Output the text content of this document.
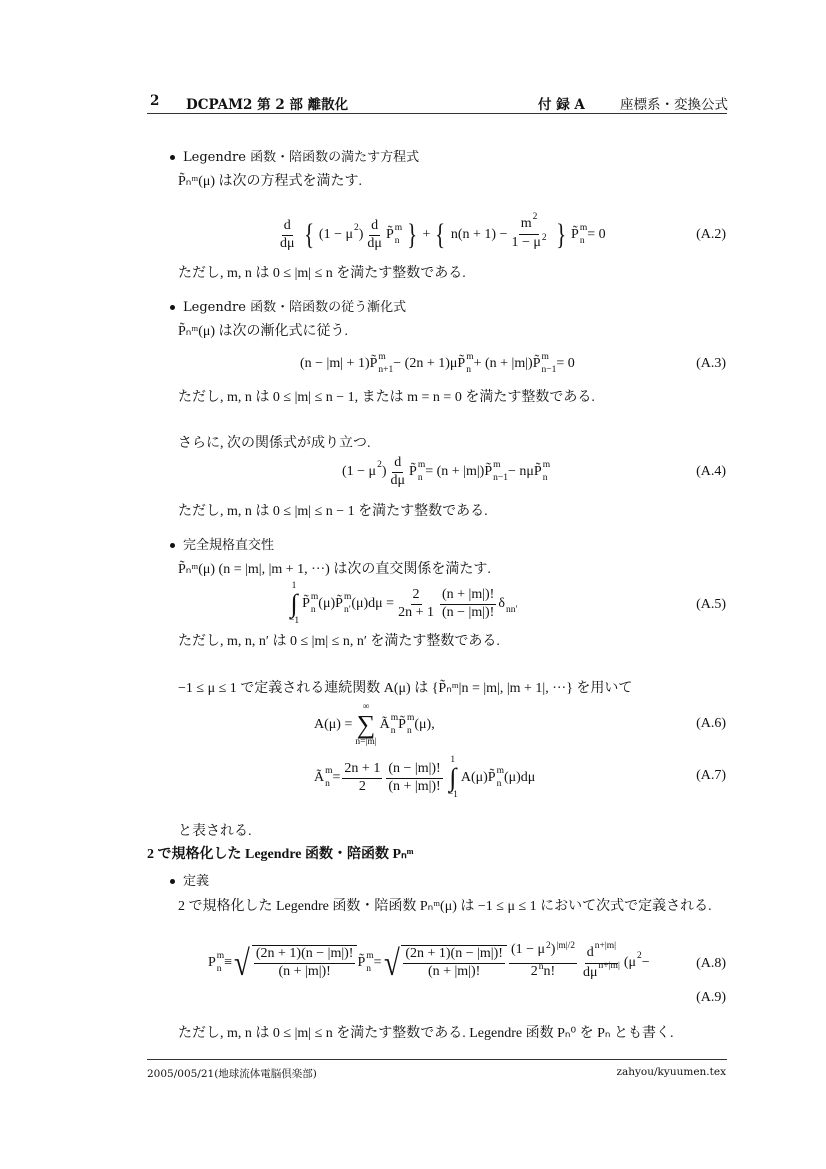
2 DCPAM2 第 2 部 離散化	付 録 A	座標系・変換公式
Legendre 函数・陪函数の満たす方程式
P̃ₙᵐ(μ) は次の方程式を満たす.
$\frac{d}{d\mu}$ { (1 − μ 2
) $\frac{d}{d\mu}$ P̃ m
n } + { $n(n + 1) - \frac{m 2}{1 - \mu 2}$
} P̃ m
n = 0	(A.2)
ただし, m, n は 0 ≤ |m| ≤ n を満たす整数である.
Legendre 函数・陪函数の従う漸化式
P̃ₙᵐ(μ) は次の漸化式に従う.
(n − |m| + 1) P̃ m
n+1 − (2n + 1)μ P̃ m
n + (n + |m|) P̃ m
n−1 = 0	(A.3)
ただし, m, n は 0 ≤ |m| ≤ n − 1, または m = n = 0 を満たす整数である.
さらに, 次の関係式が成り立つ.
(1 − μ 2
) $\frac{d}{d\mu}$ P̃ m
n = (n + |m|) P̃ m
n−1 − nμ P̃ m
n	(A.4)
ただし, m, n は 0 ≤ |m| ≤ n − 1 を満たす整数である.
完全規格直交性
P̃ₙᵐ(μ) (n = |m|, |m + 1, ···) は次の直交関係を満たす.
1
∫
−1
P̃ m
n (μ) P̃ m
n′ $(\mu)d\mu = \frac{2}{2n + 1} \frac{(n + |m|)!}{(n - |m|)!}$ δ
nn′	(A.5)
ただし, m, n, n′ は 0 ≤ |m| ≤ n, n′ を満たす整数である.
−1 ≤ μ ≤ 1 で定義される連続関数 A(μ) は {P̃ₙᵐ|n = |m|, |m + 1|, ···} を用いて
A(μ) =
∞
∑
n=|m|
Ã m
n P̃ m
n (μ),	(A.6)
Ã m
$n = \frac{2n + 1}{2} \frac{(n - |m|)!}{(n + |m|)!}$
1
∫
−1
A(μ) P̃ m
n (μ)dμ	(A.7)
と表される.
2 で規格化した Legendre 函数・陪函数 Pₙᵐ
定義
2 で規格化した Legendre 函数・陪函数 Pₙᵐ(μ) は −1 ≤ μ ≤ 1 において次式で定義される.
P m
n ≡ √ $\frac{(2n + 1)(n - |m|)!}{(n + |m|)!}$ P̃ m
n = √ $\frac{(2n + 1)(n - |m|)!}{(n + |m|)!} (1 - \mu$ 2
) |m|/2

2 n
n! $\frac{\text{d n+|m|}}{\text{dμ n+|m|}}$
(μ 2
−	(A.8)
(A.9)
ただし, m, n は 0 ≤ |m| ≤ n を満たす整数である. Legendre 函数 Pₙ⁰ を Pₙ とも書く.
2005/005/21(地球流体電脳倶楽部)	zahyou/kyuumen.tex
